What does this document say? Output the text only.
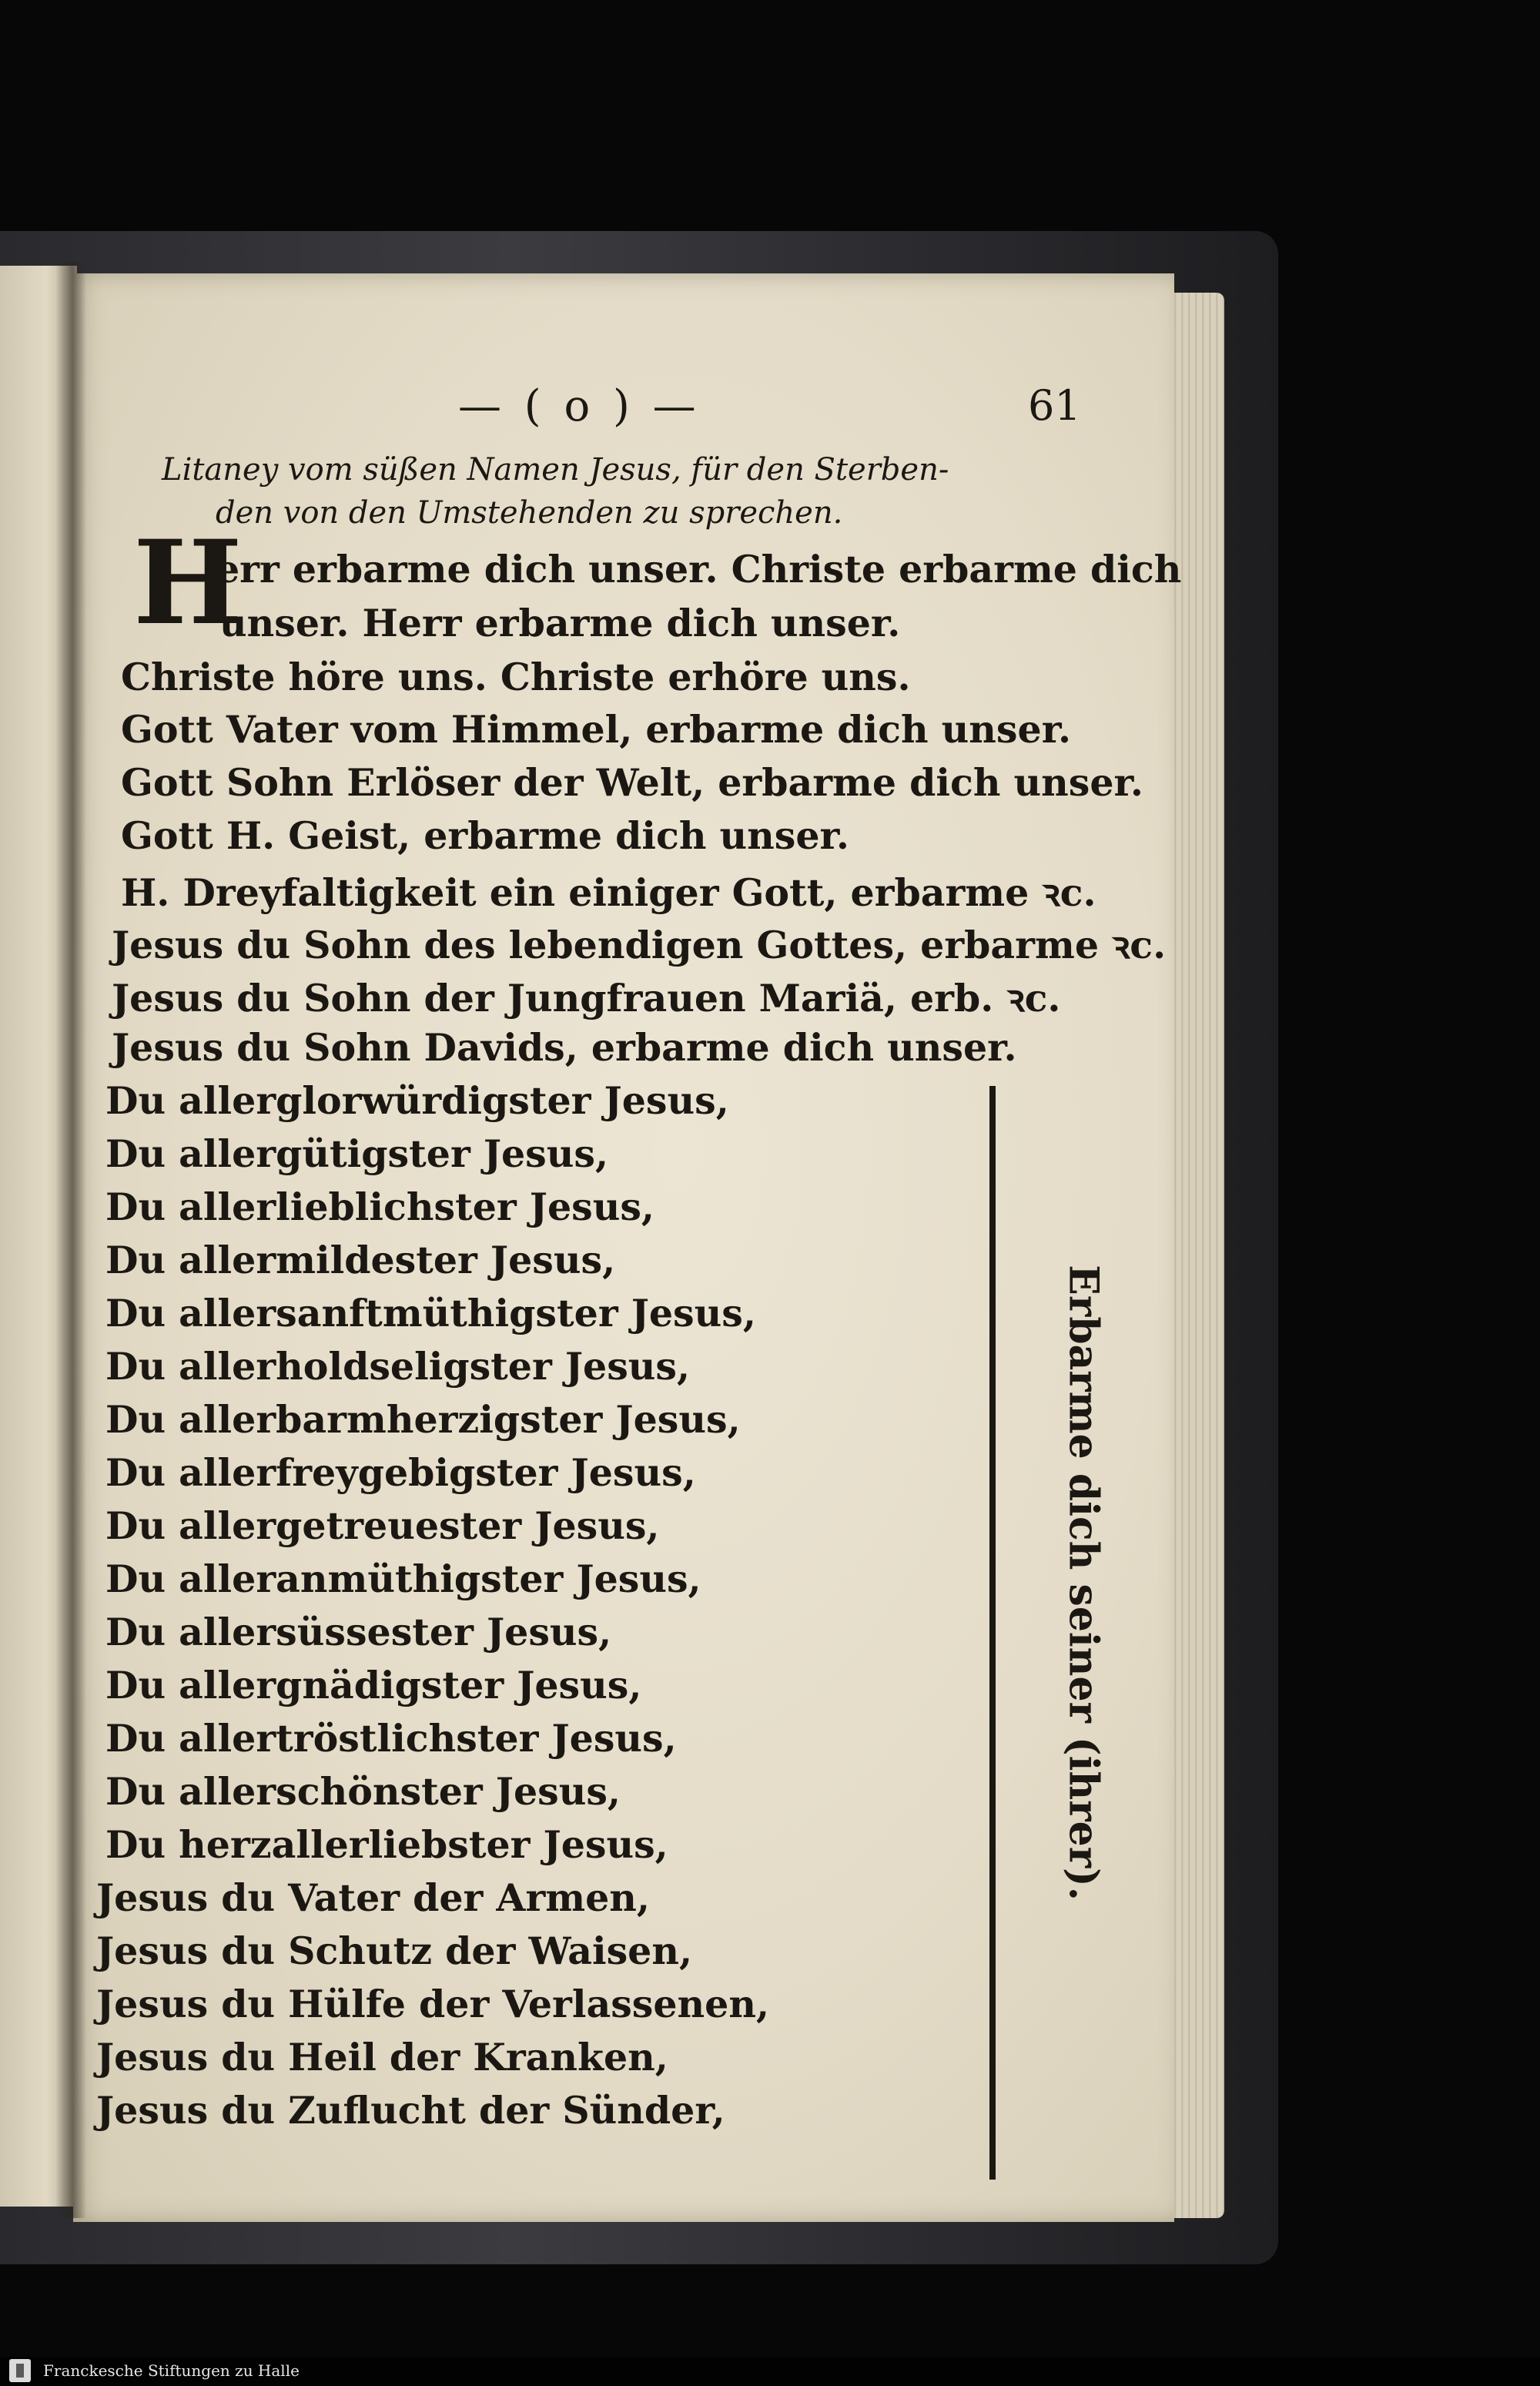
— ( o ) —	61
Litaney vom süßen Namen Jesus, für den Sterben-
den von den Umstehenden zu sprechen.
H
err erbarme dich unser. Christe erbarme dich
unser. Herr erbarme dich unser.
Christe höre uns. Christe erhöre uns.
Gott Vater vom Himmel, erbarme dich unser.
Gott Sohn Erlöser der Welt, erbarme dich unser.
Gott H. Geist, erbarme dich unser.
H. Dreyfaltigkeit ein einiger Gott, erbarme ꝛc.
Jesus du Sohn des lebendigen Gottes, erbarme ꝛc.
Jesus du Sohn der Jungfrauen Mariä, erb. ꝛc.
Jesus du Sohn Davids, erbarme dich unser.
Du allerglorwürdigster Jesus,
Du allergütigster Jesus,
Du allerlieblichster Jesus,
Du allermildester Jesus,
Du allersanftmüthigster Jesus,
Du allerholdseligster Jesus,
Du allerbarmherzigster Jesus,
Du allerfreygebigster Jesus,
Du allergetreuester Jesus,
Du alleranmüthigster Jesus,
Du allersüssester Jesus,
Du allergnädigster Jesus,
Du allertröstlichster Jesus,
Du allerschönster Jesus,
Du herzallerliebster Jesus,
Jesus du Vater der Armen,
Jesus du Schutz der Waisen,
Jesus du Hülfe der Verlassenen,
Jesus du Heil der Kranken,
Jesus du Zuflucht der Sünder,
Erbarme dich seiner (ihrer).
Franckesche Stiftungen zu Halle
